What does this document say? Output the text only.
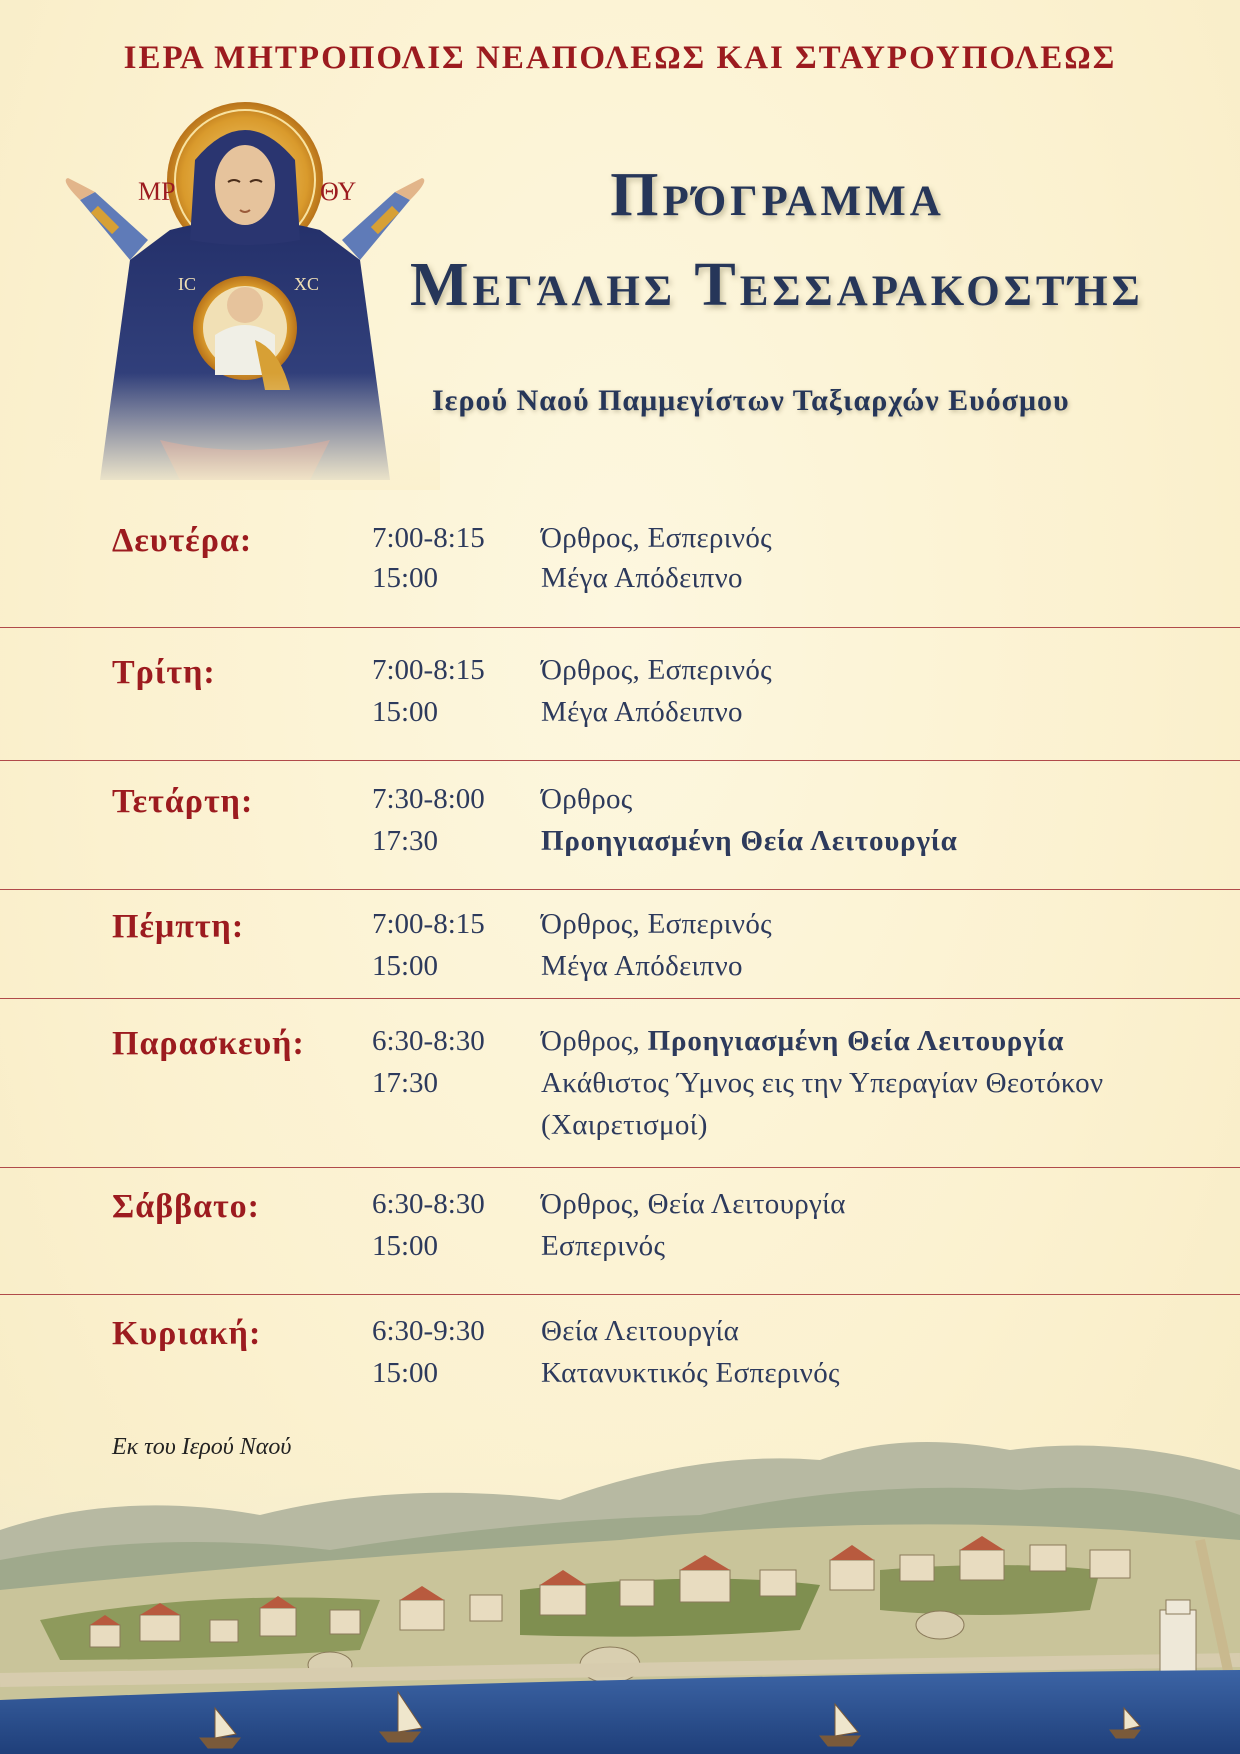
ΙΕΡΑ ΜΗΤΡΟΠΟΛΙΣ ΝΕΑΠΟΛΕΩΣ ΚΑΙ ΣΤΑΥΡΟΥΠΟΛΕΩΣ
Πρόγραμμα
Μεγάλης Τεσσαρακοστής
Ιερού Ναού Παμμεγίστων Ταξιαρχών Ευόσμου
Δευτέρα:	7:00-8:15	Όρθρος, Εσπερινός
15:00	Μέγα Απόδειπνο
Τρίτη:	7:00-8:15	Όρθρος, Εσπερινός
15:00	Μέγα Απόδειπνο
Τετάρτη:	7:30-8:00	Όρθρος
17:30	Προηγιασμένη Θεία Λειτουργία
Πέμπτη:	7:00-8:15	Όρθρος, Εσπερινός
15:00	Μέγα Απόδειπνο
Παρασκευή: 6:30-8:30	Όρθρος, Προηγιασμένη Θεία Λειτουργία
17:30	Ακάθιστος Ύμνος εις την Υπεραγίαν Θεοτόκον
(Χαιρετισμοί)
Σάββατο:	6:30-8:30	Όρθρος, Θεία Λειτουργία
15:00	Εσπερινός
Κυριακή:	6:30-9:30	Θεία Λειτουργία
15:00	Κατανυκτικός Εσπερινός
Εκ του Ιερού Ναού
